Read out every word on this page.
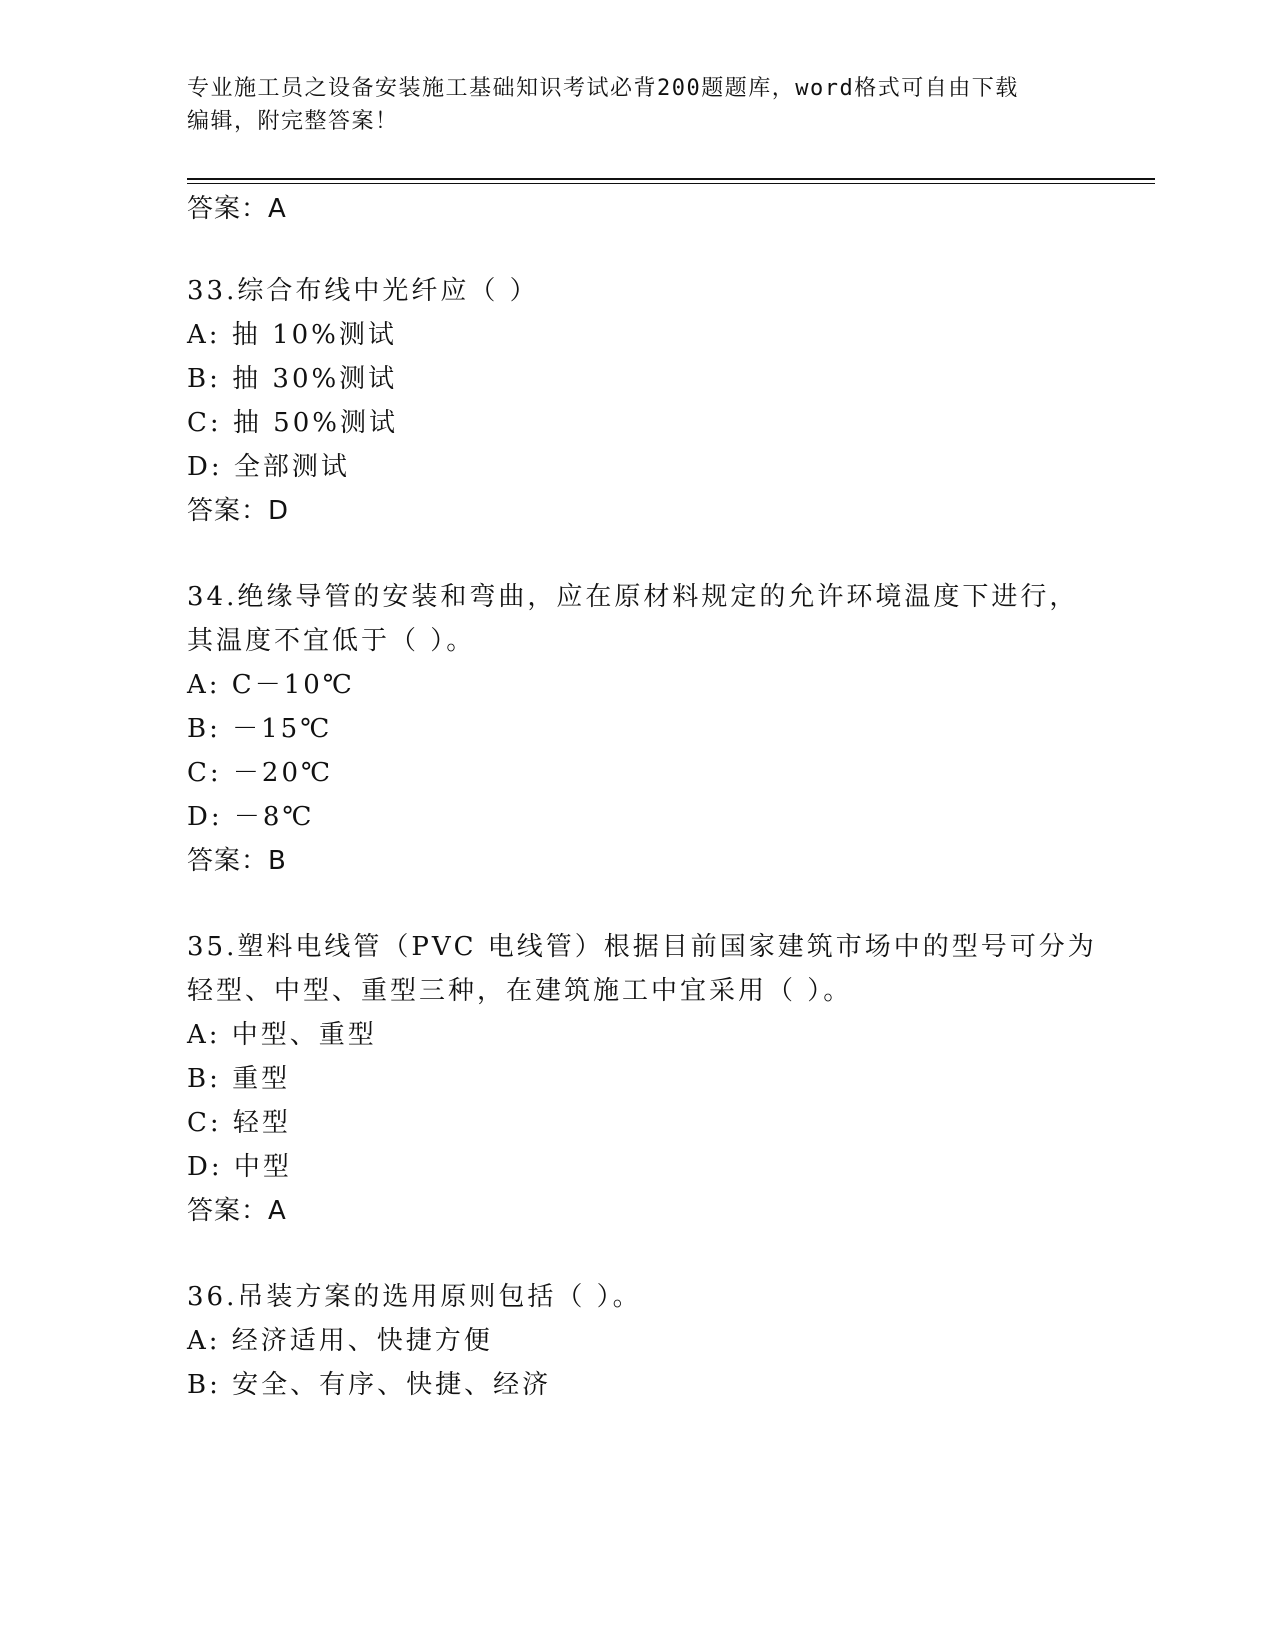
专业施工员之设备安装施工基础知识考试必背200题题库，word格式可自由下载
编辑，附完整答案！
答案：A
33.综合布线中光纤应（ ）
A: 抽 10%测试
B: 抽 30%测试
C: 抽 50%测试
D: 全部测试
答案：D
34.绝缘导管的安装和弯曲，应在原材料规定的允许环境温度下进行，
其温度不宜低于（ ）。
A: C－10℃
B: －15℃
C: －20℃
D: －8℃
答案：B
35.塑料电线管（PVC 电线管）根据目前国家建筑市场中的型号可分为
轻型、中型、重型三种，在建筑施工中宜采用（ ）。
A: 中型、重型
B: 重型
C: 轻型
D: 中型
答案：A
36.吊装方案的选用原则包括（ ）。
A: 经济适用、快捷方便
B: 安全、有序、快捷、经济
